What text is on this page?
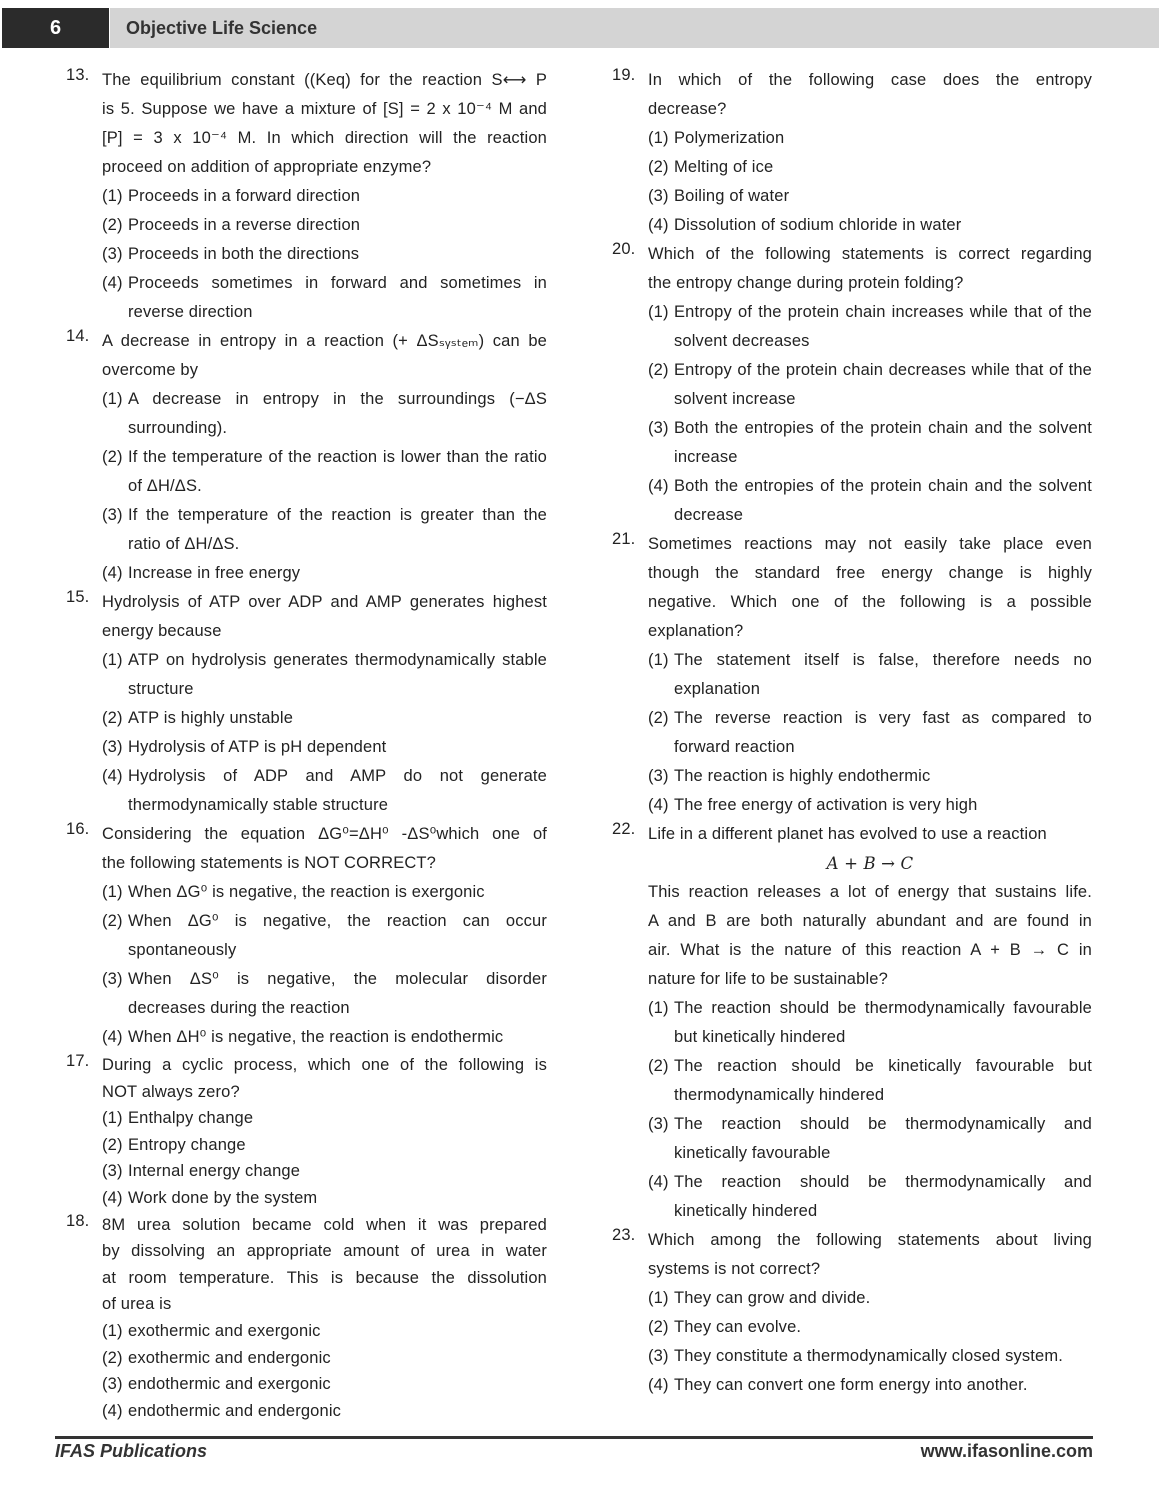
6	Objective Life Science
13. The equilibrium constant ((Keq) for the reaction S⟷ P
is 5. Suppose we have a mixture of [S] = 2 x 10⁻⁴ M and
[P] = 3 x 10⁻⁴ M. In which direction will the reaction
proceed on addition of appropriate enzyme?
(1) Proceeds in a forward direction
(2) Proceeds in a reverse direction
(3) Proceeds in both the directions
(4) Proceeds sometimes in forward and sometimes in reverse direction
14. A decrease in entropy in a reaction (+ ΔSₛᵧₛₜₑₘ) can be
overcome by
(1) A decrease in entropy in the surroundings (−ΔS surrounding).
(2) If the temperature of the reaction is lower than the ratio of ΔH/ΔS.
(3) If the temperature of the reaction is greater than the ratio of ΔH/ΔS.
(4) Increase in free energy
15. Hydrolysis of ATP over ADP and AMP generates highest
energy because
(1) ATP on hydrolysis generates thermodynamically stable structure
(2) ATP is highly unstable
(3) Hydrolysis of ATP is pH dependent
(4) Hydrolysis of ADP and AMP do not generate thermodynamically stable structure
16. Considering the equation ΔG⁰=ΔH⁰ -ΔS⁰which one of
the following statements is NOT CORRECT?
(1) When ΔG⁰ is negative, the reaction is exergonic
(2) When ΔG⁰ is negative, the reaction can occur spontaneously
(3) When ΔS⁰ is negative, the molecular disorder decreases during the reaction
(4) When ΔH⁰ is negative, the reaction is endothermic
17. During a cyclic process, which one of the following is
NOT always zero?
(1) Enthalpy change
(2) Entropy change
(3) Internal energy change
(4) Work done by the system
18. 8M urea solution became cold when it was prepared
by dissolving an appropriate amount of urea in water
at room temperature. This is because the dissolution
of urea is
(1) exothermic and exergonic
(2) exothermic and endergonic
(3) endothermic and exergonic
(4) endothermic and endergonic
19. In which of the following case does the entropy
decrease?
(1) Polymerization
(2) Melting of ice
(3) Boiling of water
(4) Dissolution of sodium chloride in water
20. Which of the following statements is correct regarding
the entropy change during protein folding?
(1) Entropy of the protein chain increases while that of the solvent decreases
(2) Entropy of the protein chain decreases while that of the solvent increase
(3) Both the entropies of the protein chain and the solvent increase
(4) Both the entropies of the protein chain and the solvent decrease
21. Sometimes reactions may not easily take place even
though the standard free energy change is highly
negative. Which one of the following is a possible
explanation?
(1) The statement itself is false, therefore needs no explanation
(2) The reverse reaction is very fast as compared to forward reaction
(3) The reaction is highly endothermic
(4) The free energy of activation is very high
22. Life in a different planet has evolved to use a reaction
A + B → C
This reaction releases a lot of energy that sustains life.
A and B are both naturally abundant and are found in
air. What is the nature of this reaction A + B → C in
nature for life to be sustainable?
(1) The reaction should be thermodynamically favourable but kinetically hindered
(2) The reaction should be kinetically favourable but thermodynamically hindered
(3) The reaction should be thermodynamically and kinetically favourable
(4) The reaction should be thermodynamically and kinetically hindered
23. Which among the following statements about living
systems is not correct?
(1) They can grow and divide.
(2) They can evolve.
(3) They constitute a thermodynamically closed system.
(4) They can convert one form energy into another.
IFAS Publications	www.ifasonline.com
